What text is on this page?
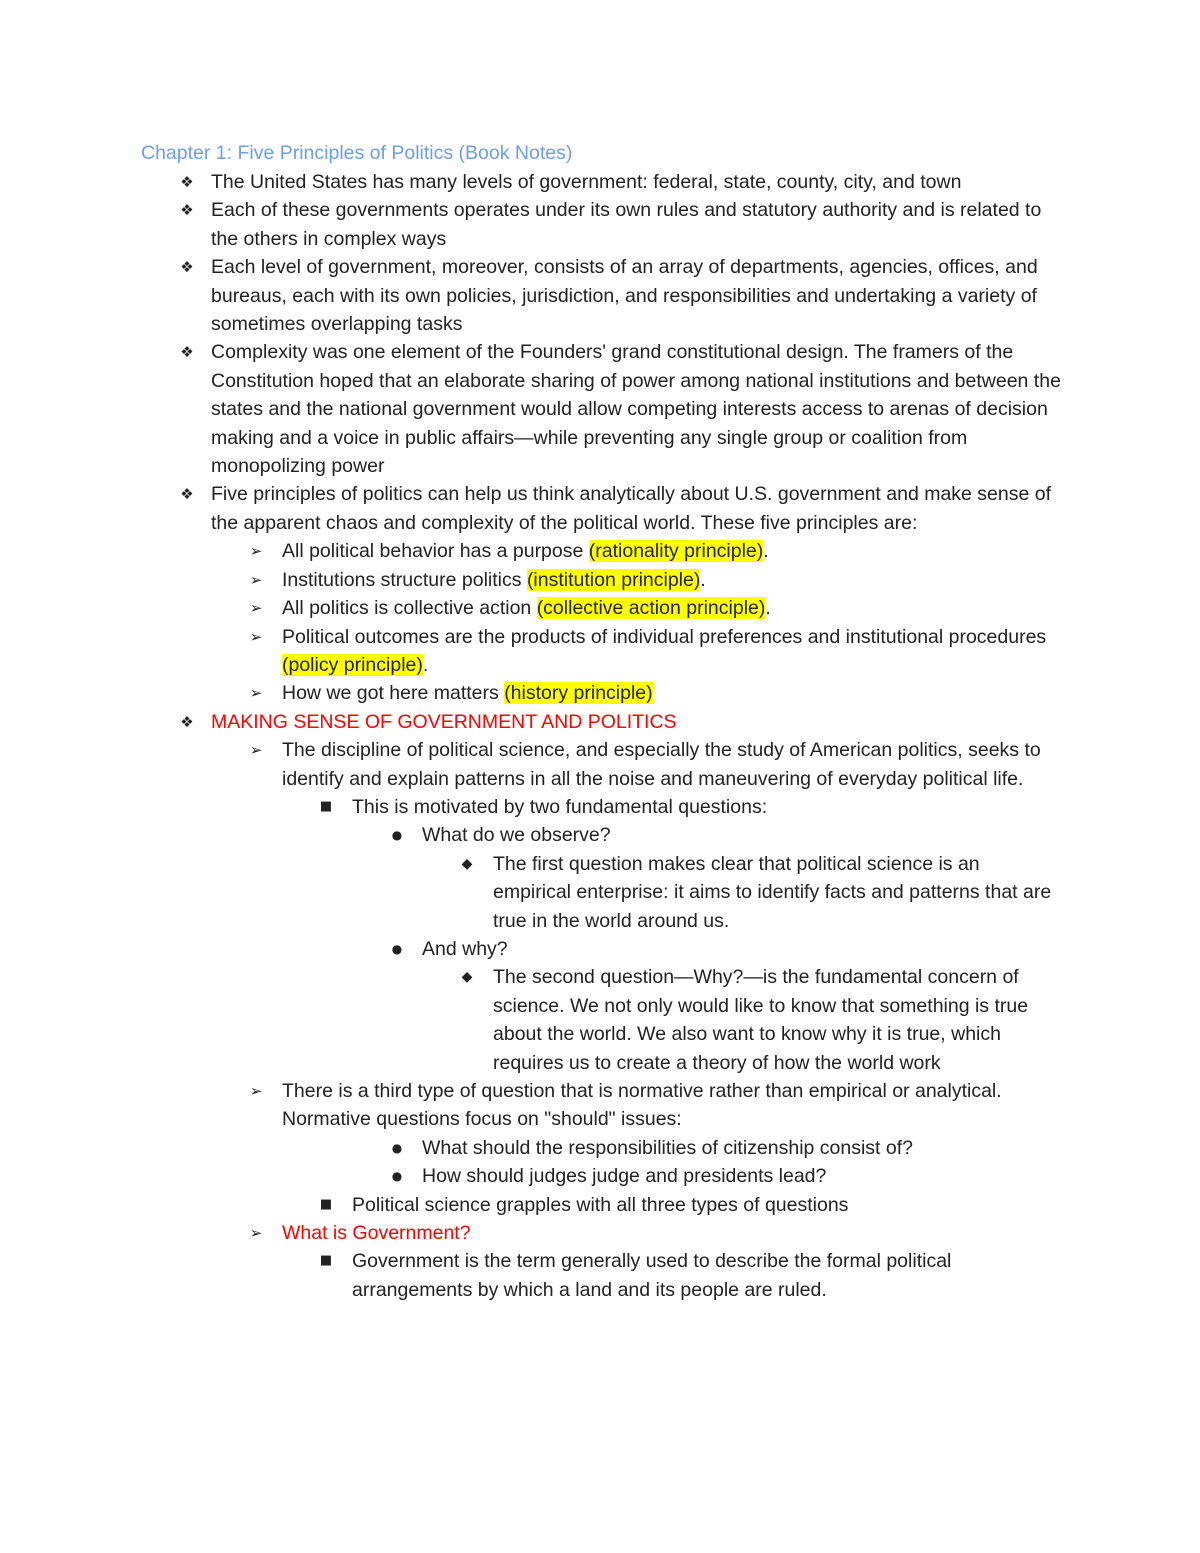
Chapter 1: Five Principles of Politics (Book Notes)
❖ The United States has many levels of government: federal, state, county, city, and town
❖ Each of these governments operates under its own rules and statutory authority and is related to the others in complex ways
❖ Each level of government, moreover, consists of an array of departments, agencies, offices, and bureaus, each with its own policies, jurisdiction, and responsibilities and undertaking a variety of sometimes overlapping tasks
❖ Complexity was one element of the Founders' grand constitutional design. The framers of the Constitution hoped that an elaborate sharing of power among national institutions and between the states and the national government would allow competing interests access to arenas of decision making and a voice in public affairs—while preventing any single group or coalition from monopolizing power
❖ Five principles of politics can help us think analytically about U.S. government and make sense of the apparent chaos and complexity of the political world. These five principles are:
➢	All political behavior has a purpose (rationality principle).
➢	Institutions structure politics (institution principle).
➢	All politics is collective action (collective action principle).
➢	Political outcomes are the products of individual preferences and institutional procedures (policy principle).
➢	How we got here matters (history principle)
❖ MAKING SENSE OF GOVERNMENT AND POLITICS
➢	The discipline of political science, and especially the study of American politics, seeks to identify and explain patterns in all the noise and maneuvering of everyday political life.
■	This is motivated by two fundamental questions:
●	What do we observe?
◆	The first question makes clear that political science is an empirical enterprise: it aims to identify facts and patterns that are true in the world around us.
●	And why?
◆	The second question—Why?—is the fundamental concern of science. We not only would like to know that something is true about the world. We also want to know why it is true, which requires us to create a theory of how the world work
➢	There is a third type of question that is normative rather than empirical or analytical. Normative questions focus on "should" issues:
●	What should the responsibilities of citizenship consist of?
●	How should judges judge and presidents lead?
■	Political science grapples with all three types of questions
➢	What is Government?
■	Government is the term generally used to describe the formal political arrangements by which a land and its people are ruled.
